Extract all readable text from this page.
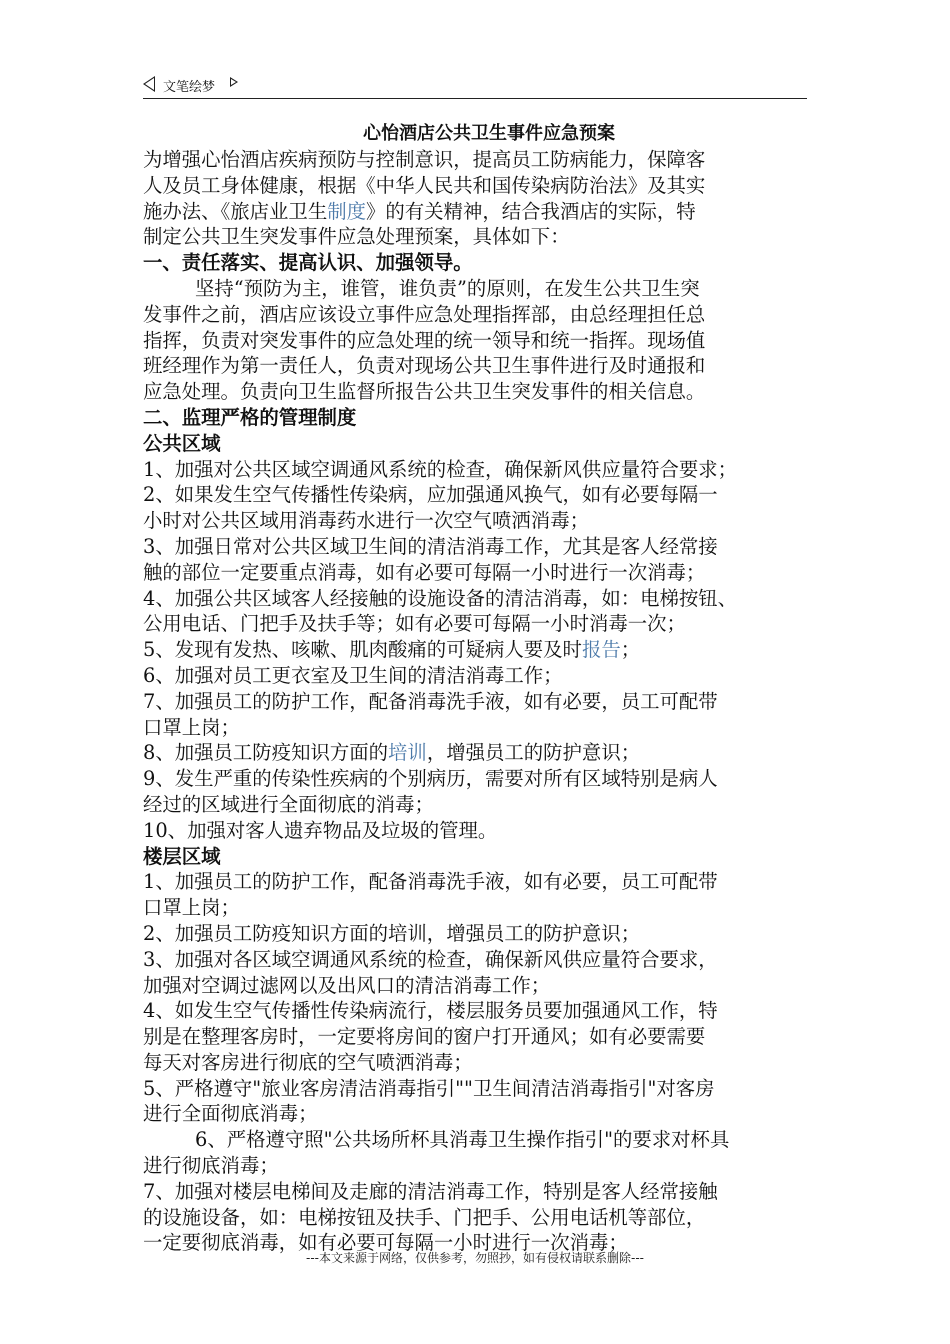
文笔绘梦
心怡酒店公共卫生事件应急预案
为增强心怡酒店疾病预防与控制意识，提高员工防病能力，保障客
人及员工身体健康，根据《中华人民共和国传染病防治法》及其实
施办法、《旅店业卫生制度》的有关精神，结合我酒店的实际，特
制定公共卫生突发事件应急处理预案，具体如下：
一、责任落实、提高认识、加强领导。
坚持“预防为主，谁管，谁负责”的原则，在发生公共卫生突
发事件之前，酒店应该设立事件应急处理指挥部，由总经理担任总
指挥，负责对突发事件的应急处理的统一领导和统一指挥。现场值
班经理作为第一责任人，负责对现场公共卫生事件进行及时通报和
应急处理。负责向卫生监督所报告公共卫生突发事件的相关信息。
二、监理严格的管理制度
公共区域
1、加强对公共区域空调通风系统的检查，确保新风供应量符合要求；
2、如果发生空气传播性传染病，应加强通风换气，如有必要每隔一
小时对公共区域用消毒药水进行一次空气喷洒消毒；
3、加强日常对公共区域卫生间的清洁消毒工作，尤其是客人经常接
触的部位一定要重点消毒，如有必要可每隔一小时进行一次消毒；
4、加强公共区域客人经接触的设施设备的清洁消毒，如：电梯按钮、
公用电话、门把手及扶手等；如有必要可每隔一小时消毒一次；
5、发现有发热、咳嗽、肌肉酸痛的可疑病人要及时报告；
6、加强对员工更衣室及卫生间的清洁消毒工作；
7、加强员工的防护工作，配备消毒洗手液，如有必要，员工可配带
口罩上岗；
8、加强员工防疫知识方面的培训，增强员工的防护意识；
9、发生严重的传染性疾病的个别病历，需要对所有区域特别是病人
经过的区域进行全面彻底的消毒；
10、加强对客人遗弃物品及垃圾的管理。
楼层区域
1、加强员工的防护工作，配备消毒洗手液，如有必要，员工可配带
口罩上岗；
2、加强员工防疫知识方面的培训，增强员工的防护意识；
3、加强对各区域空调通风系统的检查，确保新风供应量符合要求，
加强对空调过滤网以及出风口的清洁消毒工作；
4、如发生空气传播性传染病流行，楼层服务员要加强通风工作，特
别是在整理客房时，一定要将房间的窗户打开通风；如有必要需要
每天对客房进行彻底的空气喷洒消毒；
5、严格遵守"旅业客房清洁消毒指引""卫生间清洁消毒指引"对客房
进行全面彻底消毒；
6、严格遵守照"公共场所杯具消毒卫生操作指引"的要求对杯具
进行彻底消毒；
7、加强对楼层电梯间及走廊的清洁消毒工作，特别是客人经常接触
的设施设备，如：电梯按钮及扶手、门把手、公用电话机等部位，
一定要彻底消毒，如有必要可每隔一小时进行一次消毒；
---本文来源于网络，仅供参考，勿照抄，如有侵权请联系删除---
